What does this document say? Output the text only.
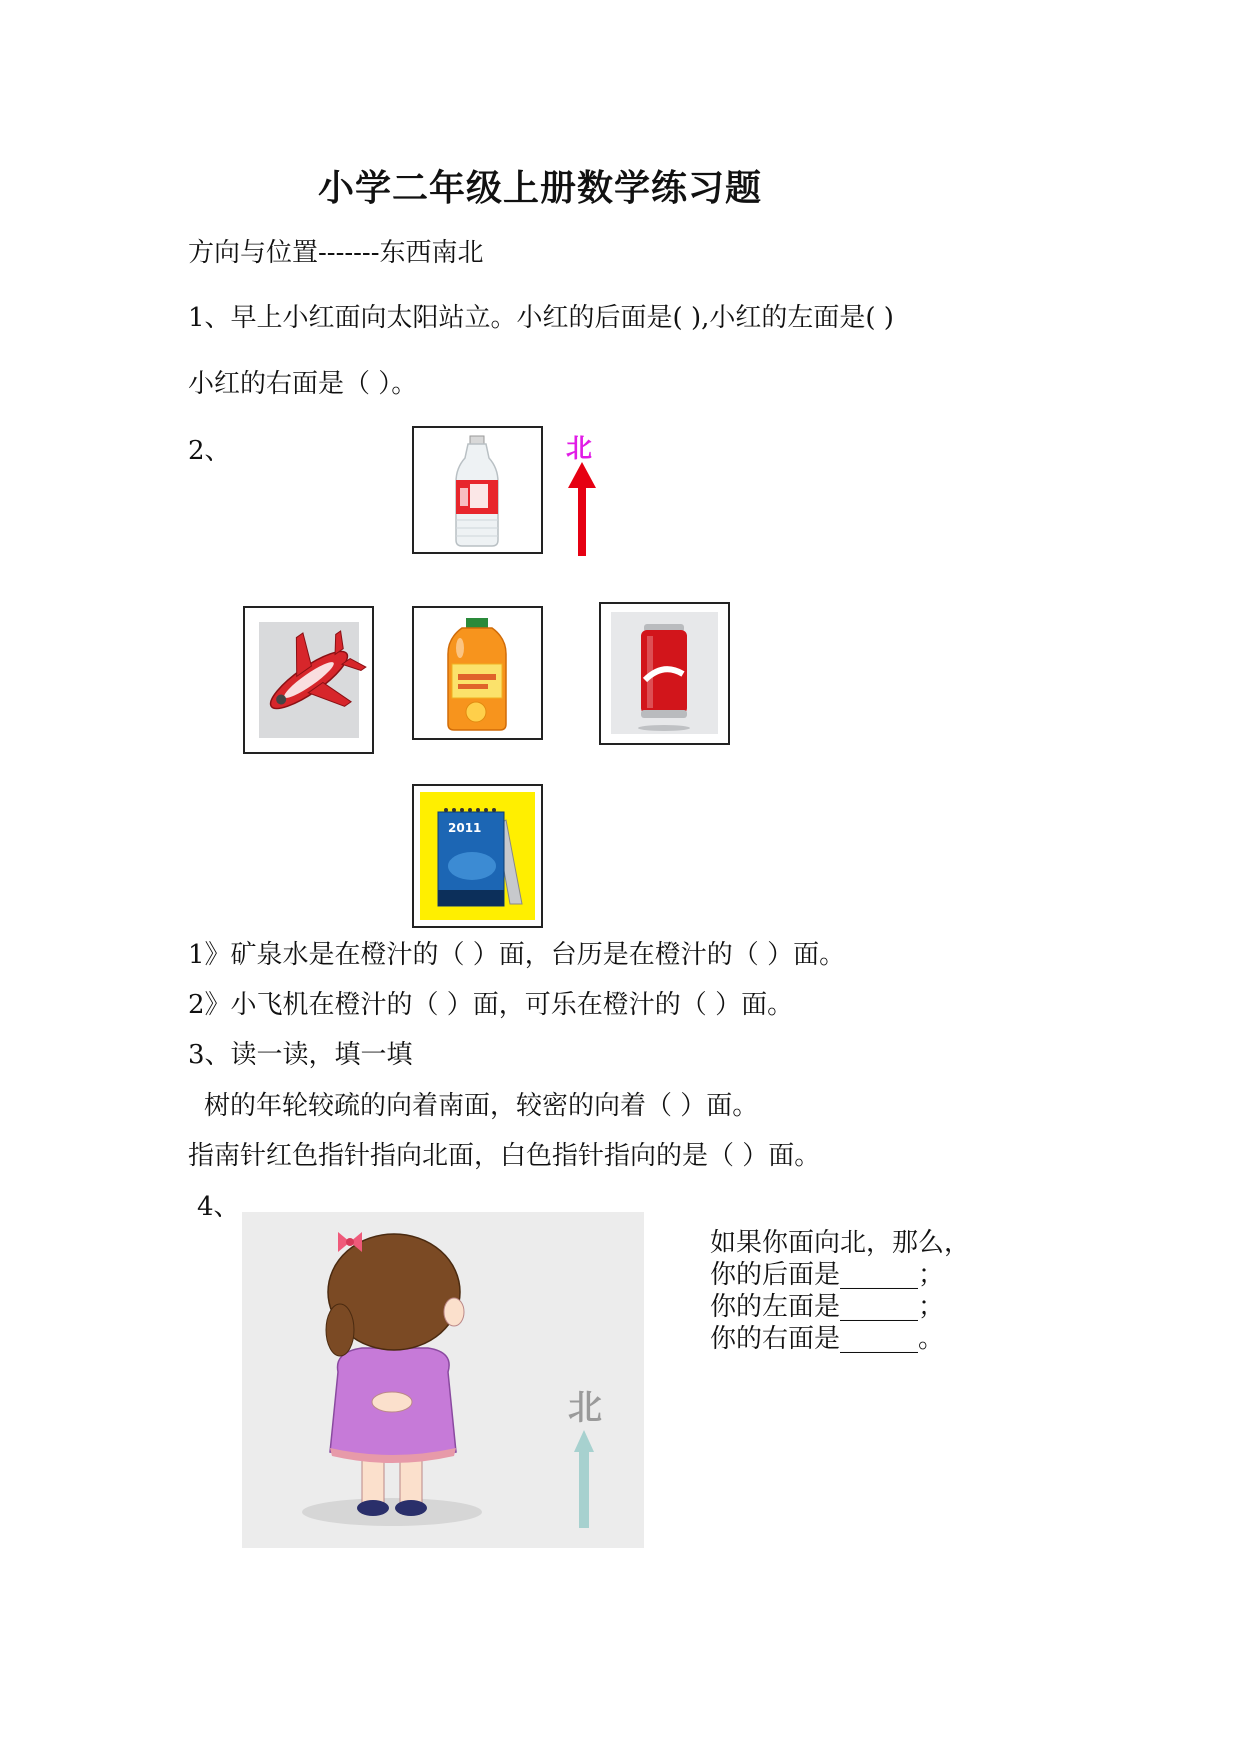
小学二年级上册数学练习题
方向与位置-------东西南北
1、早上小红面向太阳站立。小红的后面是( ),小红的左面是( )
小红的右面是（ ）。
2、	北
2011
1》矿泉水是在橙汁的（ ）面，台历是在橙汁的（ ）面。
2》小飞机在橙汁的（ ）面，可乐在橙汁的（ ）面。
3、读一读，填一填
树的年轮较疏的向着南面，较密的向着（ ）面。
指南针红色指针指向北面，白色指针指向的是（ ）面。
4、
北
如果你面向北，那么，
你的后面是______；
你的左面是______；
你的右面是______。
